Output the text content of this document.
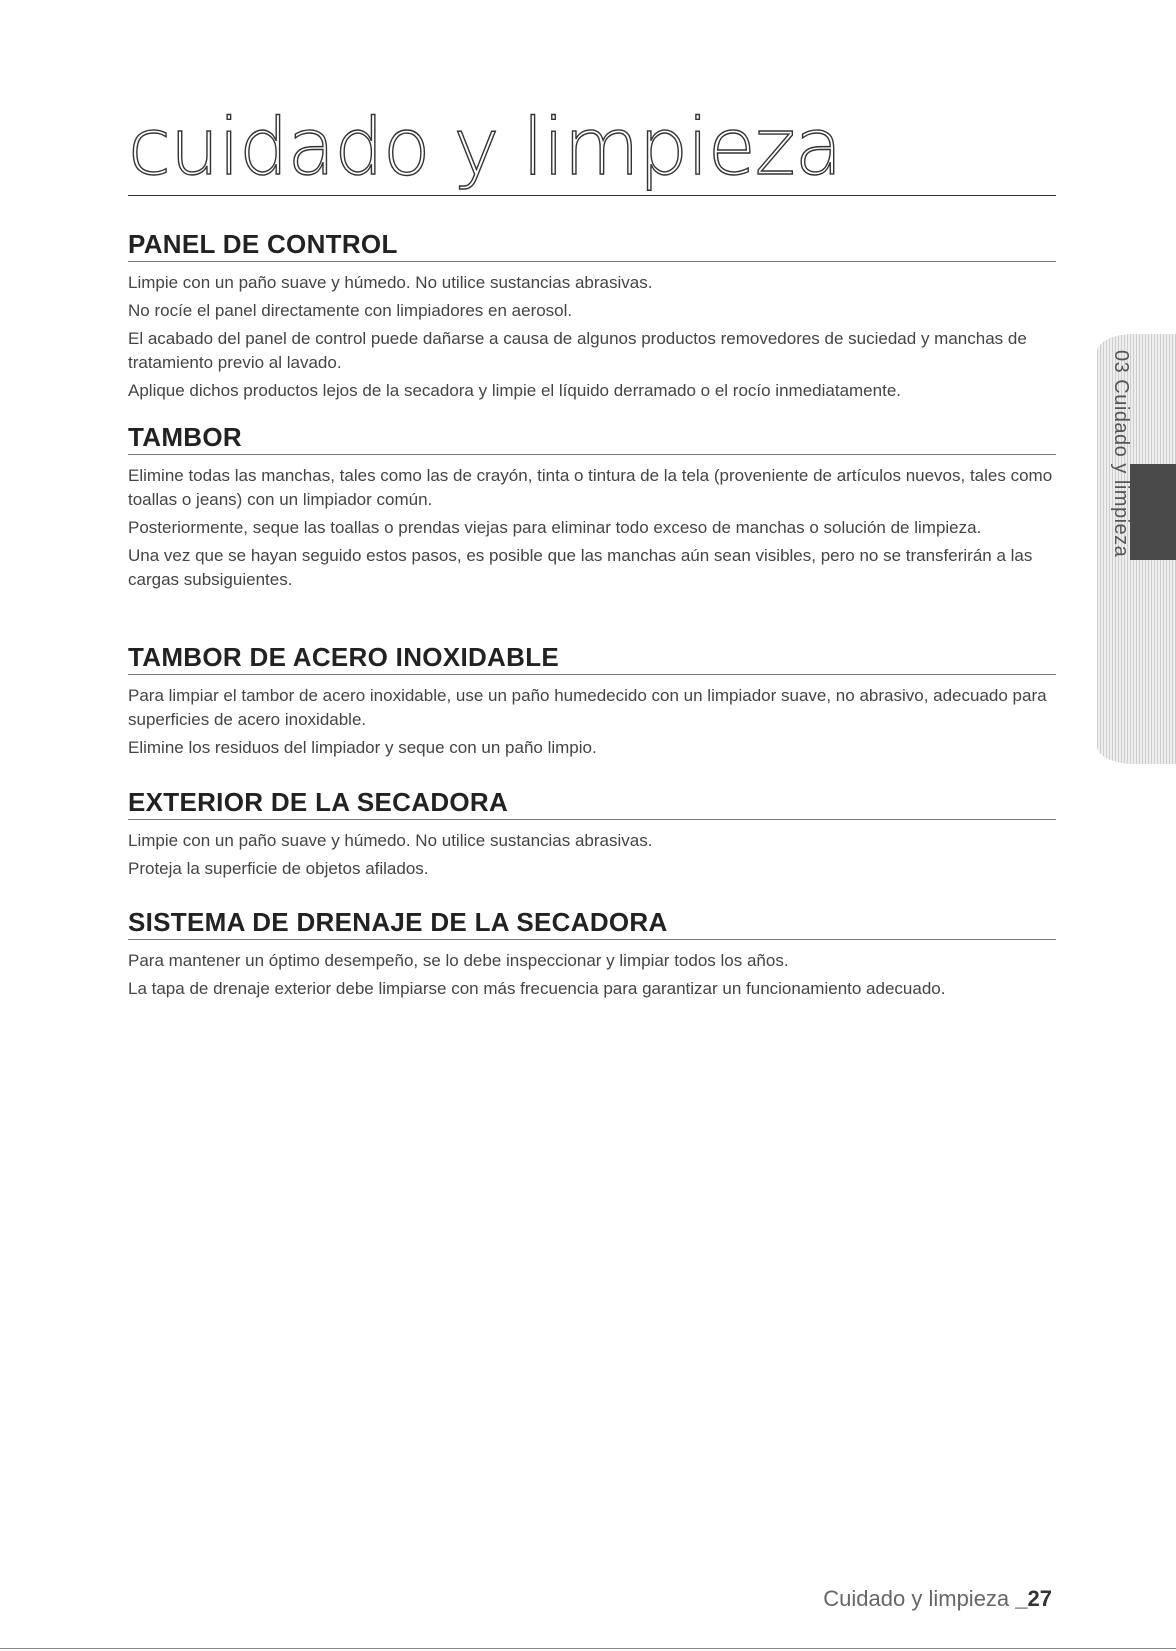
cuidado y limpieza
PANEL DE CONTROL

Limpie con un paño suave y húmedo. No utilice sustancias abrasivas.

No rocíe el panel directamente con limpiadores en aerosol.

El acabado del panel de control puede dañarse a causa de algunos productos removedores de suciedad y manchas de tratamiento previo al lavado.

Aplique dichos productos lejos de la secadora y limpie el líquido derramado o el rocío inmediatamente.

TAMBOR

Elimine todas las manchas, tales como las de crayón, tinta o tintura de la tela (proveniente de artículos nuevos, tales como toallas o jeans) con un limpiador común.

Posteriormente, seque las toallas o prendas viejas para eliminar todo exceso de manchas o solución de limpieza.

Una vez que se hayan seguido estos pasos, es posible que las manchas aún sean visibles, pero no se transferirán a las cargas subsiguientes.

TAMBOR DE ACERO INOXIDABLE

Para limpiar el tambor de acero inoxidable, use un paño humedecido con un limpiador suave, no abrasivo, adecuado para superficies de acero inoxidable.

Elimine los residuos del limpiador y seque con un paño limpio.

EXTERIOR DE LA SECADORA

Limpie con un paño suave y húmedo. No utilice sustancias abrasivas.

Proteja la superficie de objetos afilados.

SISTEMA DE DRENAJE DE LA SECADORA

Para mantener un óptimo desempeño, se lo debe inspeccionar y limpiar todos los años.

La tapa de drenaje exterior debe limpiarse con más frecuencia para garantizar un funcionamiento adecuado.

03 Cuidado y limpieza
Cuidado y limpieza _27
